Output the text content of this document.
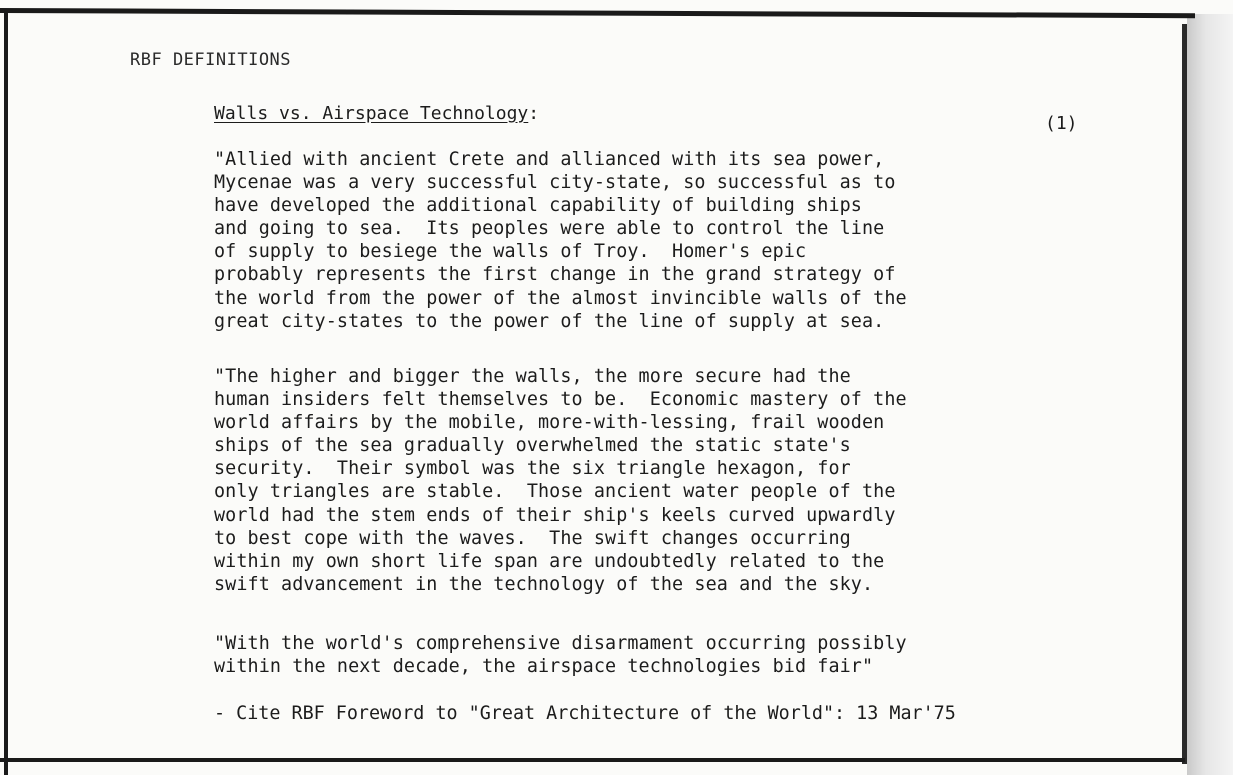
RBF DEFINITIONS
Walls vs. Airspace Technology:	(1)
"Allied with ancient Crete and allianced with its sea power,
Mycenae was a very successful city-state, so successful as to
have developed the additional capability of building ships
and going to sea.  Its peoples were able to control the line
of supply to besiege the walls of Troy.  Homer's epic
probably represents the first change in the grand strategy of
the world from the power of the almost invincible walls of the
great city-states to the power of the line of supply at sea.
"The higher and bigger the walls, the more secure had the
human insiders felt themselves to be.  Economic mastery of the
world affairs by the mobile, more-with-lessing, frail wooden
ships of the sea gradually overwhelmed the static state's
security.  Their symbol was the six triangle hexagon, for
only triangles are stable.  Those ancient water people of the
world had the stem ends of their ship's keels curved upwardly
to best cope with the waves.  The swift changes occurring
within my own short life span are undoubtedly related to the
swift advancement in the technology of the sea and the sky.
"With the world's comprehensive disarmament occurring possibly
within the next decade, the airspace technologies bid fair"
- Cite RBF Foreword to "Great Architecture of the World": 13 Mar'75
